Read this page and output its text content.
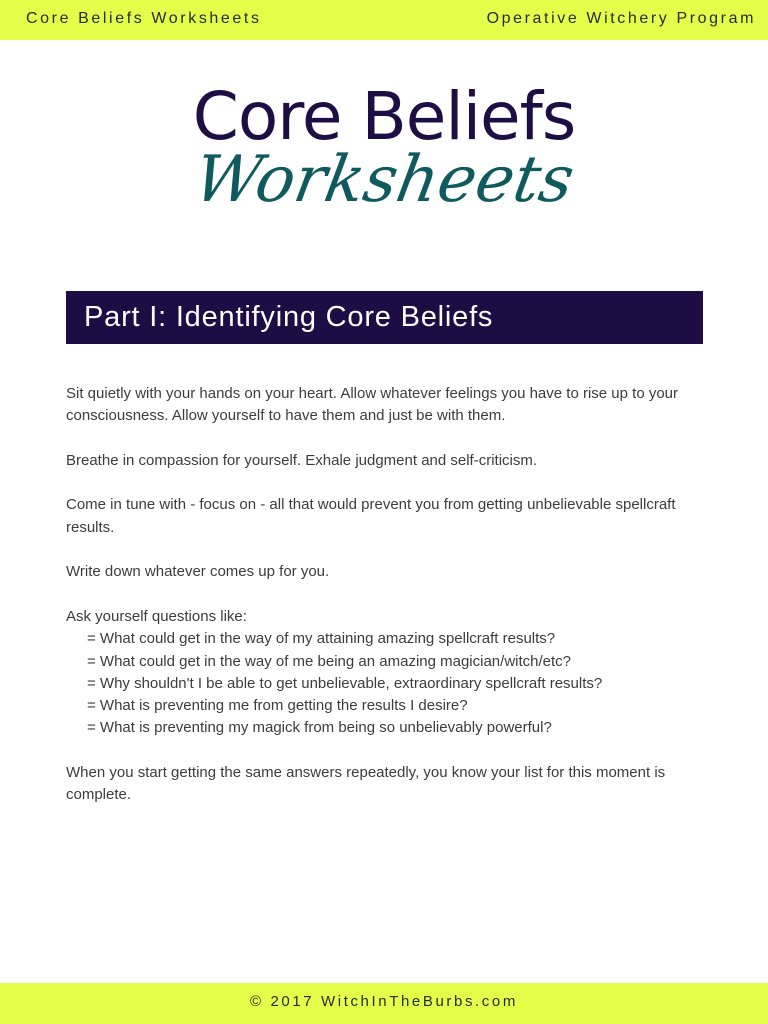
Core Beliefs Worksheets	Operative Witchery Program
Core Beliefs
Worksheets
Part I: Identifying Core Beliefs

Sit quietly with your hands on your heart. Allow whatever feelings you have to rise up to your consciousness. Allow yourself to have them and just be with them.

Breathe in compassion for yourself. Exhale judgment and self-criticism.

Come in tune with - focus on - all that would prevent you from getting unbelievable spellcraft results.

Write down whatever comes up for you.

Ask yourself questions like:
= What could get in the way of my attaining amazing spellcraft results?
= What could get in the way of me being an amazing magician/witch/etc?
= Why shouldn't I be able to get unbelievable, extraordinary spellcraft results?
= What is preventing me from getting the results I desire?
= What is preventing my magick from being so unbelievably powerful?

When you start getting the same answers repeatedly, you know your list for this moment is complete.

© 2017 WitchInTheBurbs.com
